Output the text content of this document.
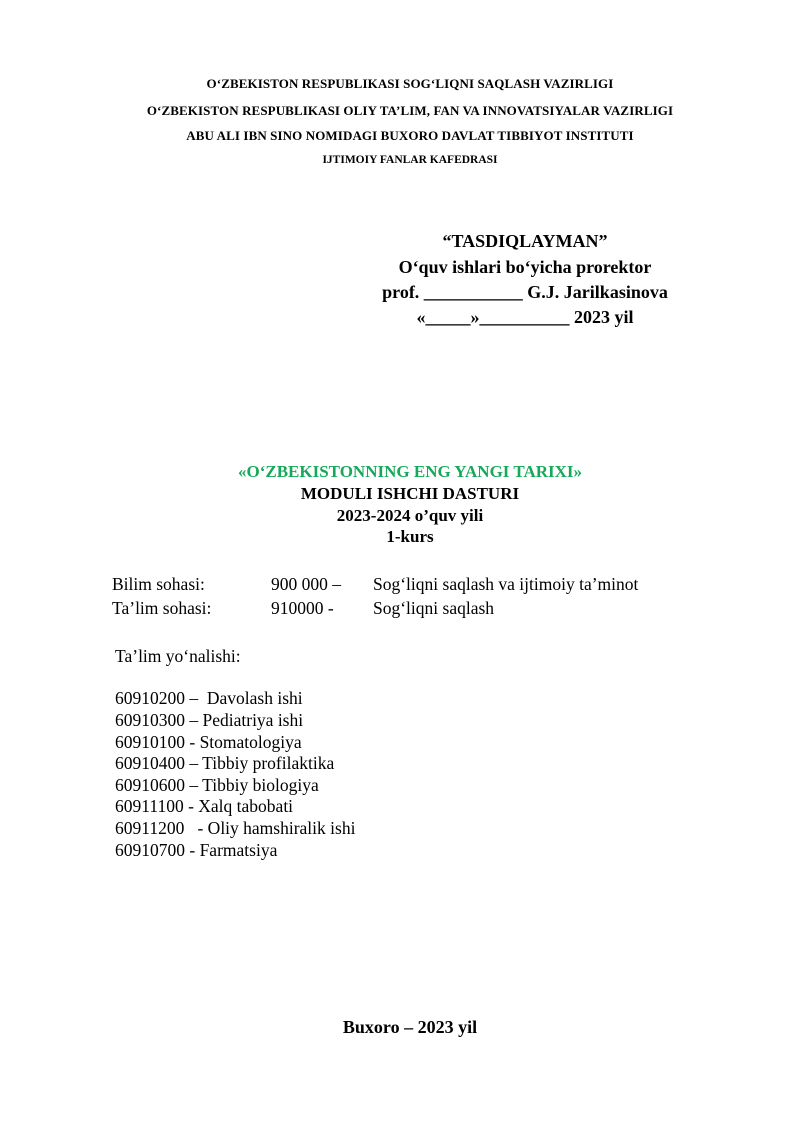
O‘ZBEKISTON RESPUBLIKASI SOG‘LIQNI SAQLASH VAZIRLIGI
O‘ZBEKISTON RESPUBLIKASI OLIY TA’LIM, FAN VA INNOVATSIYALAR VAZIRLIGI
ABU ALI IBN SINO NOMIDAGI BUXORO DAVLAT TIBBIYOT INSTITUTI
IJTIMOIY FANLAR KAFEDRASI
“TASDIQLAYMAN”
O‘quv ishlari bo‘yicha prorektor
prof. ___________ G.J. Jarilkasinova
«_____»__________ 2023 yil
«O‘ZBEKISTONNING ENG YANGI TARIXI»
MODULI ISHCHI DASTURI
2023-2024 o’quv yili
1-kurs
Bilim sohasi:	900 000 – Sog‘liqni saqlash va ijtimoiy ta’minot
Ta’lim sohasi:	910000 - Sog‘liqni saqlash
Ta’lim yo‘nalishi:
60910200 –  Davolash ishi
60910300 – Pediatriya ishi
60910100 - Stomatologiya
60910400 – Tibbiy profilaktika
60910600 – Tibbiy biologiya
60911100 - Xalq tabobati
60911200   - Oliy hamshiralik ishi
60910700 - Farmatsiya
Buxoro – 2023 yil
